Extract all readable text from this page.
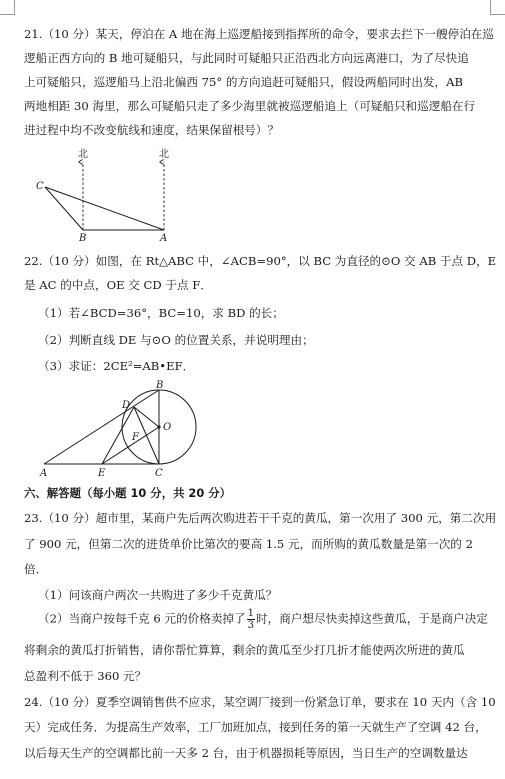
21.（10 分）某天，停泊在 A 地在海上巡逻船接到指挥所的命令，要求去拦下一艘停泊在巡
逻船正西方向的 B 地可疑船只，与此同时可疑船只正沿西北方向远离港口，为了尽快追
上可疑船只，巡逻船马上沿北偏西 75° 的方向追赶可疑船只，假设两船同时出发，AB
两地相距 30 海里，那么可疑船只走了多少海里就被巡逻船追上（可疑船只和巡逻船在行
进过程中均不改变航线和速度，结果保留根号）？
北	北
C
B	A
22.（10 分）如图，在 Rt△ABC 中，∠ACB=90°，以 BC 为直径的⊙O 交 AB 于点 D，E
是 AC 的中点，OE 交 CD 于点 F．
（1）若∠BCD=36°，BC=10，求 BD 的长；
（2）判断直线 DE 与⊙O 的位置关系，并说明理由；
（3）求证：2CE²=AB•EF．
B
D
O
F
A	E	C
六、解答题（每小题 10 分，共 20 分）
23.（10 分）超市里，某商户先后两次购进若干千克的黄瓜，第一次用了 300 元，第二次用
了 900 元，但第二次的进货单价比第次的要高 1.5 元，而所购的黄瓜数量是第一次的 2
倍．
（1）问该商户两次一共购进了多少千克黄瓜？
（2）当商户按每千克 6 元的价格卖掉了 $\frac{1}{3}$ 时，商户想尽快卖掉这些黄瓜，于是商户决定
将剩余的黄瓜打折销售，请你帮忙算算，剩余的黄瓜至少打几折才能使两次所进的黄瓜
总盈利不低于 360 元？
24.（10 分）夏季空调销售供不应求，某空调厂接到一份紧急订单，要求在 10 天内（含 10
天）完成任务．为提高生产效率，工厂加班加点，接到任务的第一天就生产了空调 42 台，
以后每天生产的空调都比前一天多 2 台，由于机器损耗等原因，当日生产的空调数量达
